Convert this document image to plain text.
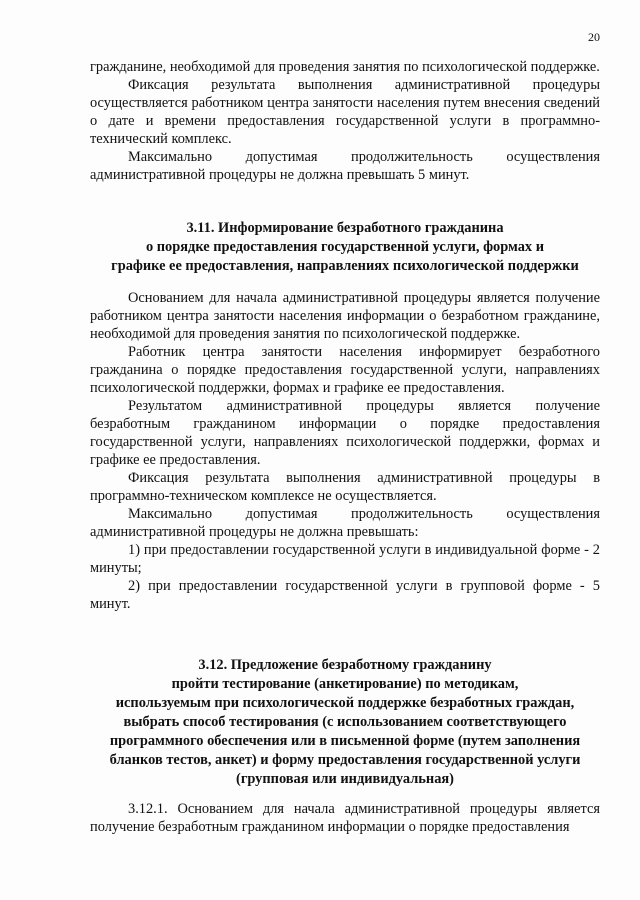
20

гражданине, необходимой для проведения занятия по психологической поддержке.

Фиксация результата выполнения административной процедуры осуществляется работником центра занятости населения путем внесения сведений о дате и времени предоставления государственной услуги в программно-технический комплекс.

Максимально допустимая продолжительность осуществления административной процедуры не должна превышать 5 минут.

3.11. Информирование безработного гражданина
о порядке предоставления государственной услуги, формах и
графике ее предоставления, направлениях психологической поддержки

Основанием для начала административной процедуры является получение работником центра занятости населения информации о безработном гражданине, необходимой для проведения занятия по психологической поддержке.

Работник центра занятости населения информирует безработного гражданина о порядке предоставления государственной услуги, направлениях психологической поддержки, формах и графике ее предоставления.

Результатом административной процедуры является получение безработным гражданином информации о порядке предоставления государственной услуги, направлениях психологической поддержки, формах и графике ее предоставления.

Фиксация результата выполнения административной процедуры в программно-техническом комплексе не осуществляется.

Максимально допустимая продолжительность осуществления административной процедуры не должна превышать:

1) при предоставлении государственной услуги в индивидуальной форме - 2 минуты;

2) при предоставлении государственной услуги в групповой форме - 5 минут.

3.12. Предложение безработному гражданину
пройти тестирование (анкетирование) по методикам,
используемым при психологической поддержке безработных граждан,
выбрать способ тестирования (с использованием соответствующего
программного обеспечения или в письменной форме (путем заполнения
бланков тестов, анкет) и форму предоставления государственной услуги
(групповая или индивидуальная)

3.12.1. Основанием для начала административной процедуры является получение безработным гражданином информации о порядке предоставления
